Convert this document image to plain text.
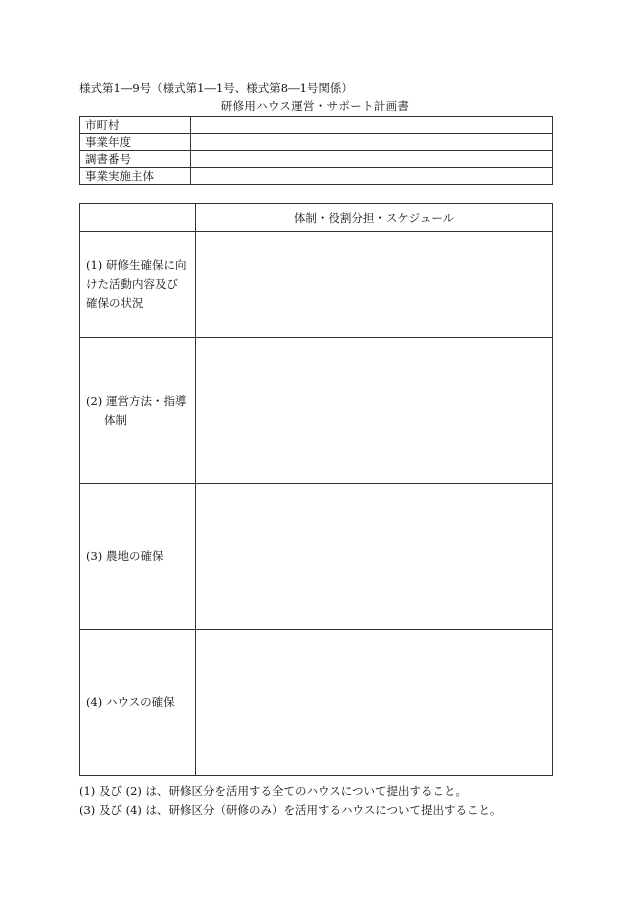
様式第1―9号（様式第1―1号、様式第8―1号関係）
研修用ハウス運営・サポート計画書
市町村	
事業年度	
調書番号	
事業実施主体	
	体制・役割分担・スケジュール
(1) 研修生確保に向
けた活動内容及び
確保の状況	
(2) 運営方法・指導
体制	
(3) 農地の確保	
(4) ハウスの確保	
(1) 及び (2) は、研修区分を活用する全てのハウスについて提出すること。
(3) 及び (4) は、研修区分（研修のみ）を活用するハウスについて提出すること。
